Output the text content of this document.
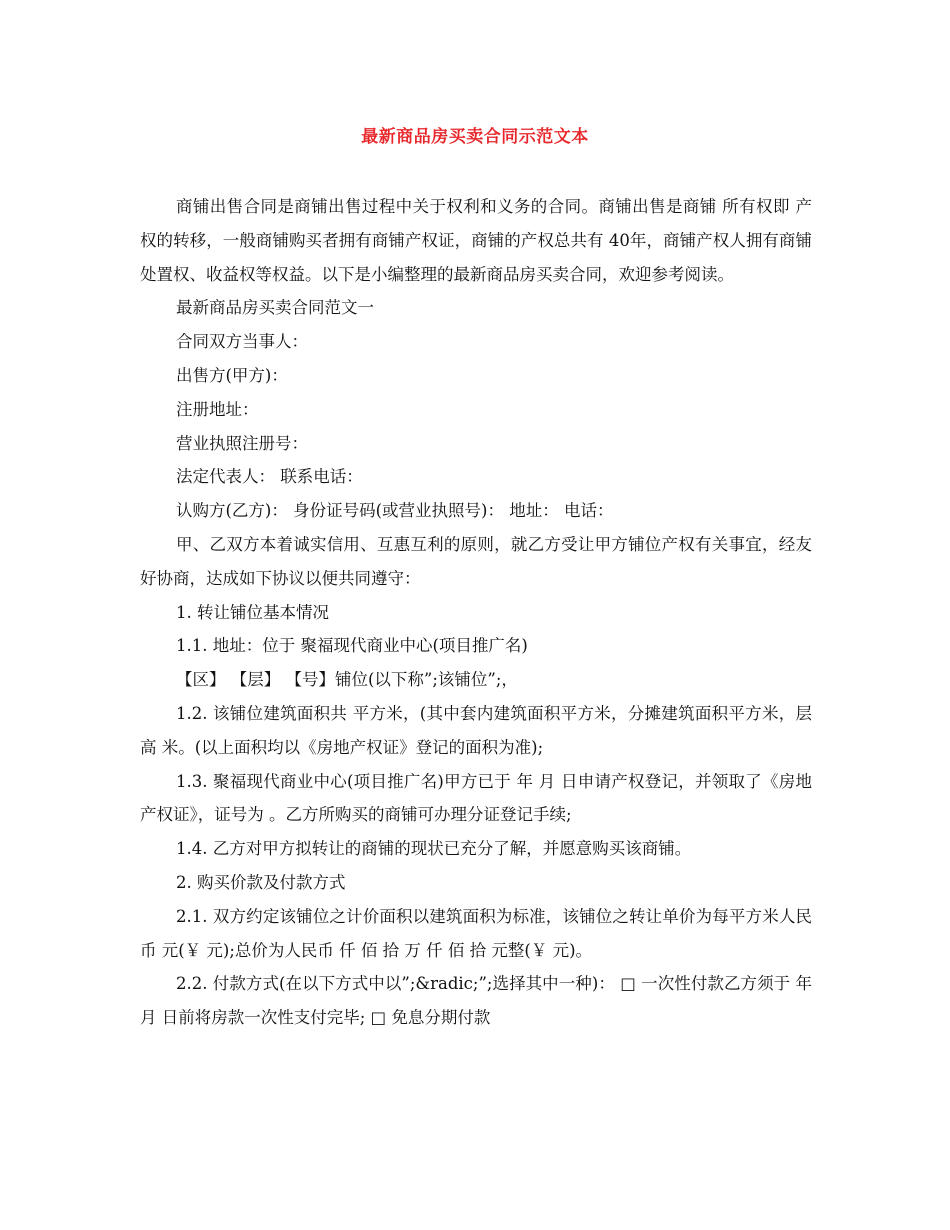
最新商品房买卖合同示范文本

商铺出售合同是商铺出售过程中关于权利和义务的合同。商铺出售是商铺 所有权即 产权的转移，一般商铺购买者拥有商铺产权证，商铺的产权总共有 40年，商铺产权人拥有商铺处置权、收益权等权益。以下是小编整理的最新商品房买卖合同，欢迎参考阅读。

最新商品房买卖合同范文一

合同双方当事人：

出售方(甲方)：

注册地址：

营业执照注册号：

法定代表人： 联系电话：

认购方(乙方)： 身份证号码(或营业执照号)： 地址： 电话：

甲、乙双方本着诚实信用、互惠互利的原则，就乙方受让甲方铺位产权有关事宜，经友好协商，达成如下协议以便共同遵守：

1. 转让铺位基本情况

1.1. 地址：位于 聚福现代商业中心(项目推广名)

【区】 【层】 【号】铺位(以下称”;该铺位”;，

1.2. 该铺位建筑面积共 平方米，(其中套内建筑面积平方米，分摊建筑面积平方米，层高 米。(以上面积均以《房地产权证》登记的面积为准);

1.3. 聚福现代商业中心(项目推广名)甲方已于 年 月 日申请产权登记，并领取了《房地产权证》，证号为 。乙方所购买的商铺可办理分证登记手续;

1.4. 乙方对甲方拟转让的商铺的现状已充分了解，并愿意购买该商铺。

2. 购买价款及付款方式

2.1. 双方约定该铺位之计价面积以建筑面积为标准，该铺位之转让单价为每平方米人民币 元(￥ 元);总价为人民币 仟 佰 拾 万 仟 佰 拾 元整(￥ 元)。

2.2. 付款方式(在以下方式中以”;&radic;”;选择其中一种)： □ 一次性付款乙方须于 年 月 日前将房款一次性支付完毕; □ 免息分期付款
